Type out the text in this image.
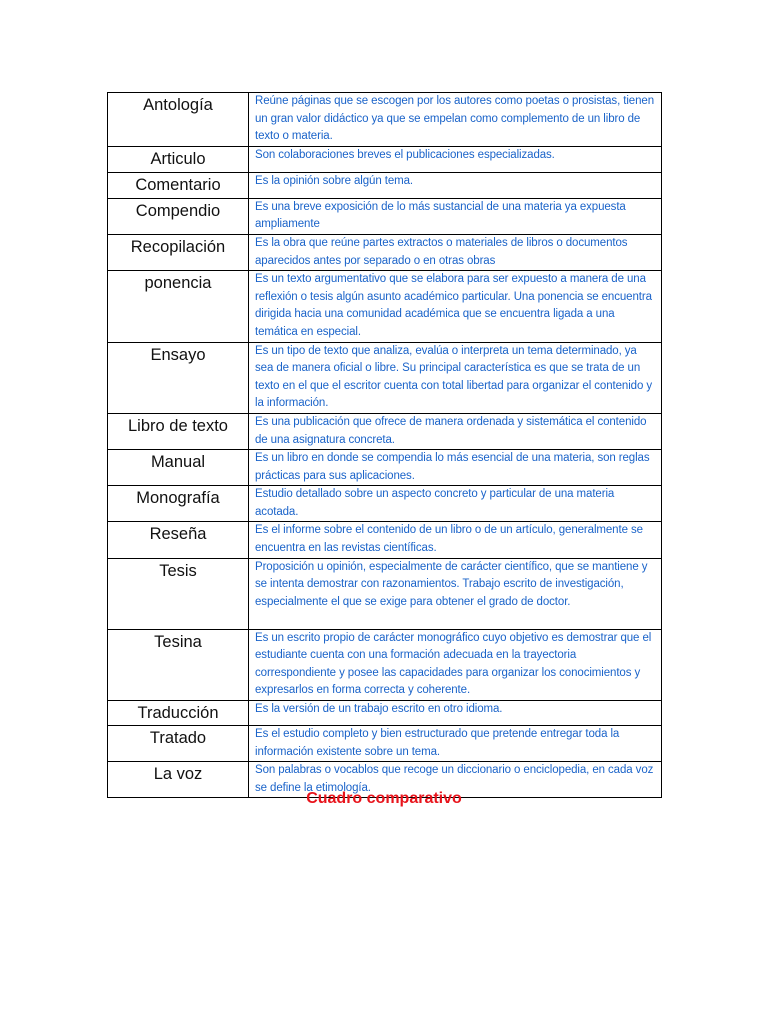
Antología	Reúne páginas que se escogen por los autores como poetas o prosistas, tienen un gran valor didáctico ya que se empelan como complemento de un libro de texto o materia.
Articulo	Son colaboraciones breves el publicaciones especializadas.
Comentario	Es la opinión sobre algún tema.
Compendio	Es una breve exposición de lo más sustancial de una materia ya expuesta ampliamente
Recopilación	Es la obra que reúne partes extractos o materiales de libros o documentos aparecidos antes por separado o en otras obras
ponencia	Es un texto argumentativo que se elabora para ser expuesto a manera de una reflexión o tesis algún asunto académico particular. Una ponencia se encuentra dirigida hacia una comunidad académica que se encuentra ligada a una temática en especial.
Ensayo	Es un tipo de texto que analiza, evalúa o interpreta un tema determinado, ya sea de manera oficial o libre. Su principal característica es que se trata de un texto en el que el escritor cuenta con total libertad para organizar el contenido y la información.
Libro de texto	Es una publicación que ofrece de manera ordenada y sistemática el contenido de una asignatura concreta.
Manual	Es un libro en donde se compendia lo más esencial de una materia, son reglas prácticas para sus aplicaciones.
Monografía	Estudio detallado sobre un aspecto concreto y particular de una materia acotada.
Reseña	Es el informe sobre el contenido de un libro o de un artículo, generalmente se encuentra en las revistas científicas.
Tesis	Proposición u opinión, especialmente de carácter científico, que se mantiene y se intenta demostrar con razonamientos. Trabajo escrito de investigación, especialmente el que se exige para obtener el grado de doctor.
Tesina	Es un escrito propio de carácter monográfico cuyo objetivo es demostrar que el estudiante cuenta con una formación adecuada en la trayectoria correspondiente y posee las capacidades para organizar los conocimientos y expresarlos en forma correcta y coherente.
Traducción	Es la versión de un trabajo escrito en otro idioma.
Tratado	Es el estudio completo y bien estructurado que pretende entregar toda la información existente sobre un tema.
La voz	Son palabras o vocablos que recoge un diccionario o enciclopedia, en cada voz se define la etimología.
Cuadro comparativo
